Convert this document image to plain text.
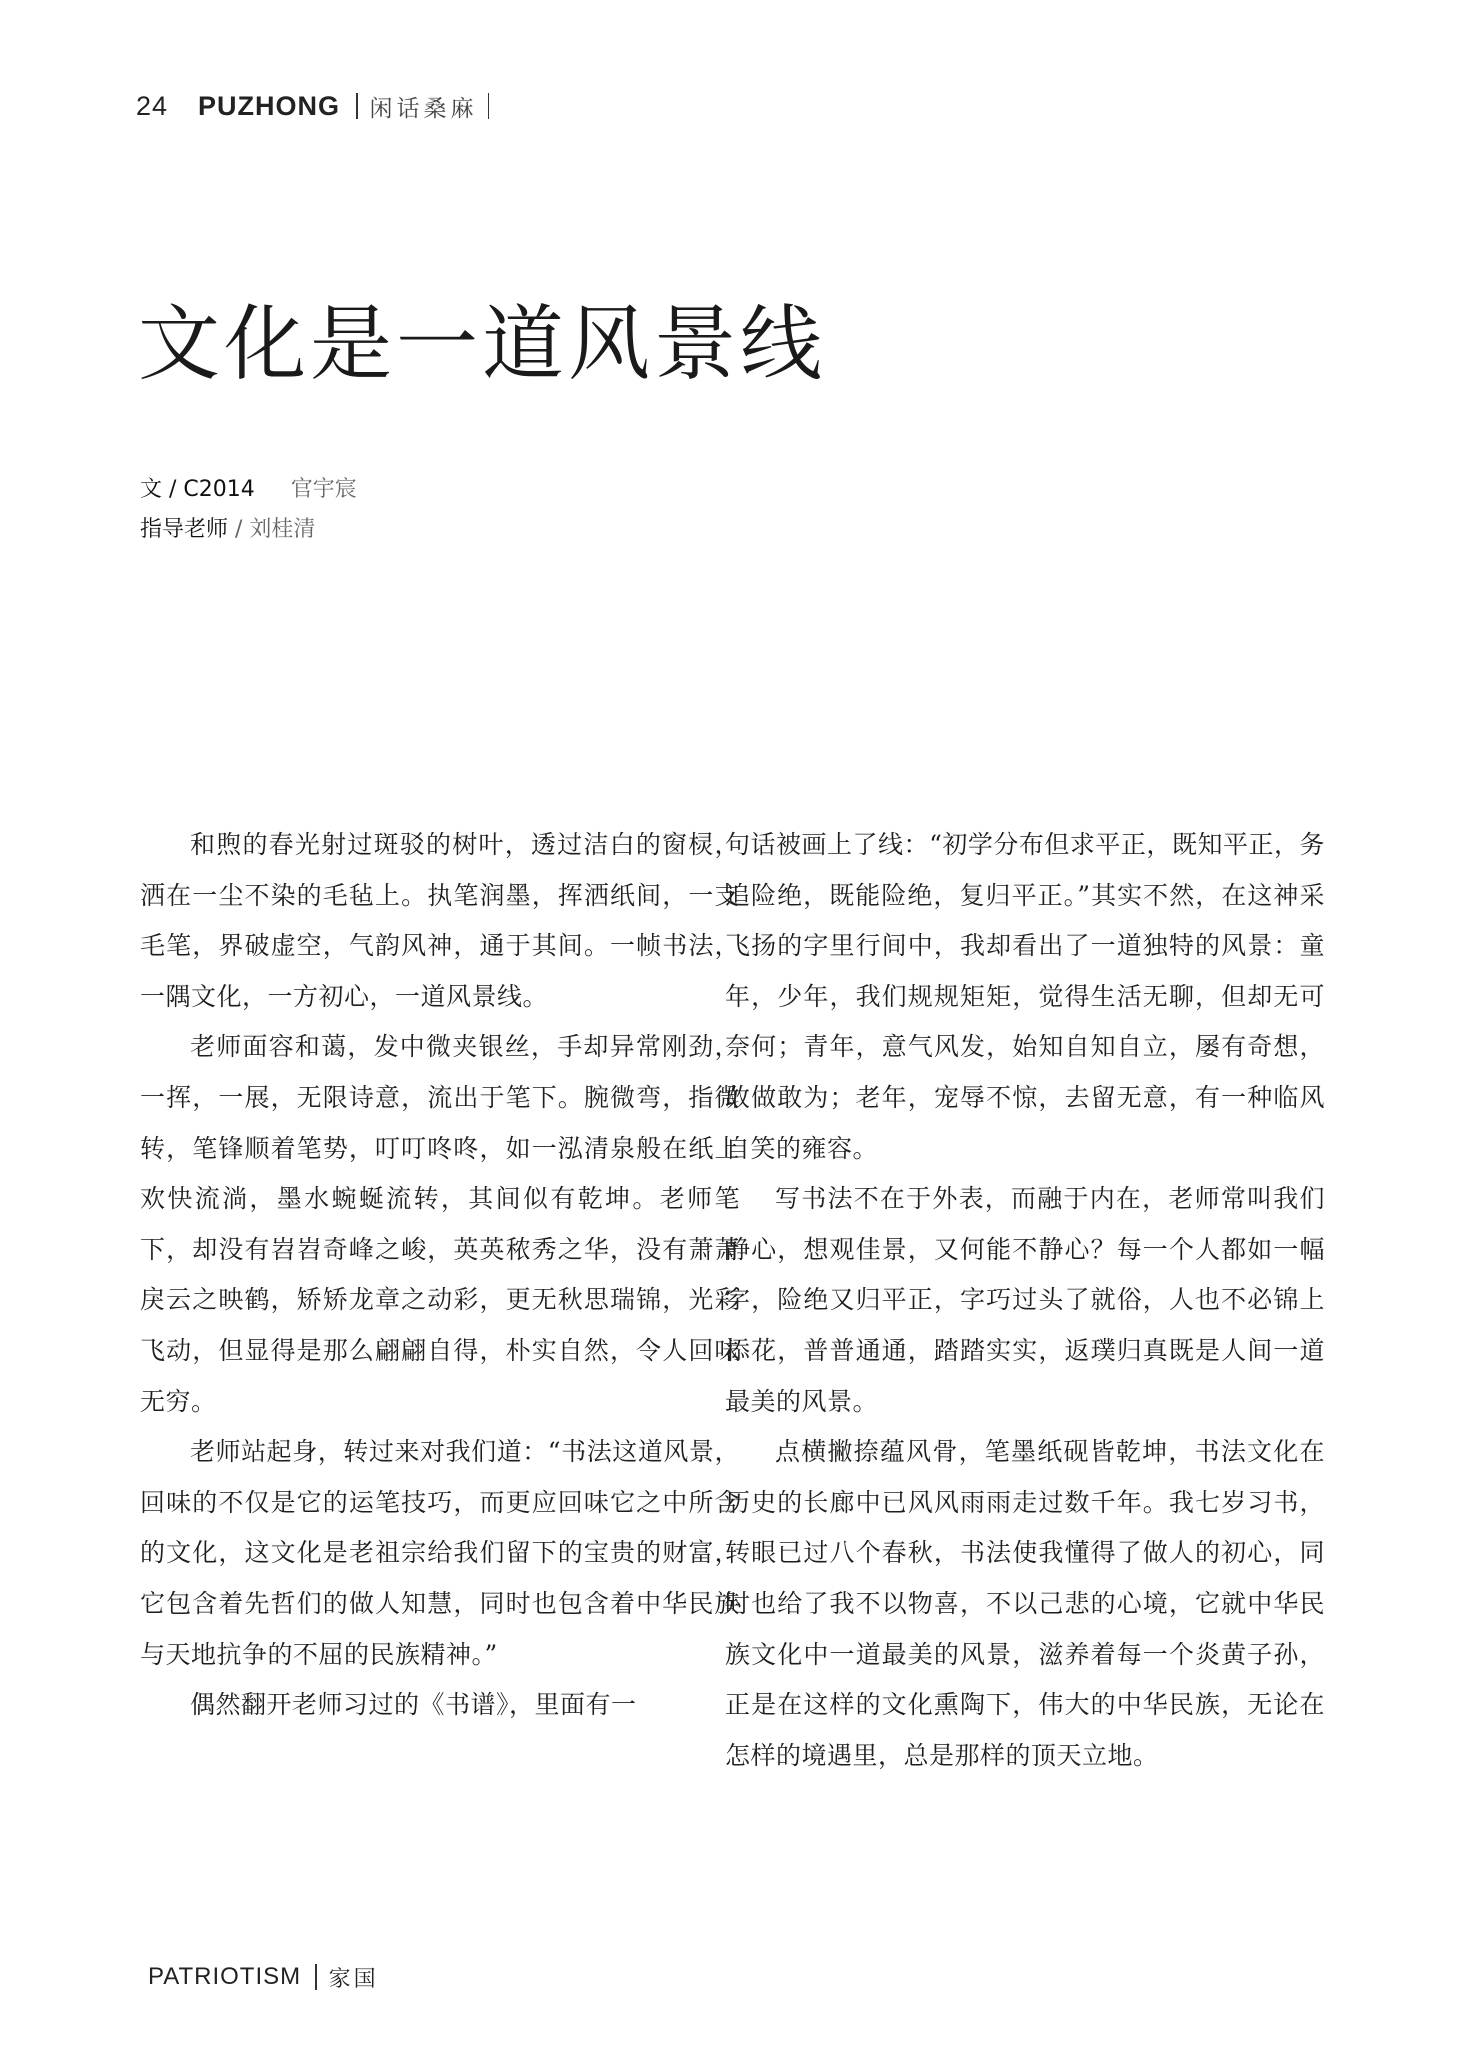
24 PUZHONG 闲话桑麻
文化是一道风景线
文 / C2014 官宇宸
指导老师 / 刘桂清

和煦的春光射过斑驳的树叶，透过洁白的窗棂，洒在一尘不染的毛毡上。执笔润墨，挥洒纸间，一支毛笔，界破虚空，气韵风神，通于其间。一帧书法，一隅文化，一方初心，一道风景线。

老师面容和蔼，发中微夹银丝，手却异常刚劲，一挥，一展，无限诗意，流出于笔下。腕微弯，指微转，笔锋顺着笔势，叮叮咚咚，如一泓清泉般在纸上欢快流淌，墨水蜿蜒流转，其间似有乾坤。老师笔下，却没有岧岧奇峰之峻，英英秾秀之华，没有萧萧戾云之映鹤，矫矫龙章之动彩，更无秋思瑞锦，光彩飞动，但显得是那么翩翩自得，朴实自然，令人回味无穷。

老师站起身，转过来对我们道：“书法这道风景，回味的不仅是它的运笔技巧，而更应回味它之中所含的文化，这文化是老祖宗给我们留下的宝贵的财富，它包含着先哲们的做人知慧，同时也包含着中华民族与天地抗争的不屈的民族精神。”

偶然翻开老师习过的《书谱》，里面有一

句话被画上了线：“初学分布但求平正，既知平正，务追险绝，既能险绝，复归平正。”其实不然，在这神采飞扬的字里行间中，我却看出了一道独特的风景：童年，少年，我们规规矩矩，觉得生活无聊，但却无可奈何；青年，意气风发，始知自知自立，屡有奇想，敢做敢为；老年，宠辱不惊，去留无意，有一种临风自笑的雍容。

写书法不在于外表，而融于内在，老师常叫我们静心，想观佳景，又何能不静心？每一个人都如一幅字，险绝又归平正，字巧过头了就俗，人也不必锦上添花，普普通通，踏踏实实，返璞归真既是人间一道最美的风景。

点横撇捺蕴风骨，笔墨纸砚皆乾坤，书法文化在历史的长廊中已风风雨雨走过数千年。我七岁习书，转眼已过八个春秋，书法使我懂得了做人的初心，同时也给了我不以物喜，不以己悲的心境，它就中华民族文化中一道最美的风景，滋养着每一个炎黄子孙，正是在这样的文化熏陶下，伟大的中华民族，无论在怎样的境遇里，总是那样的顶天立地。

PATRIOTISM 家国
